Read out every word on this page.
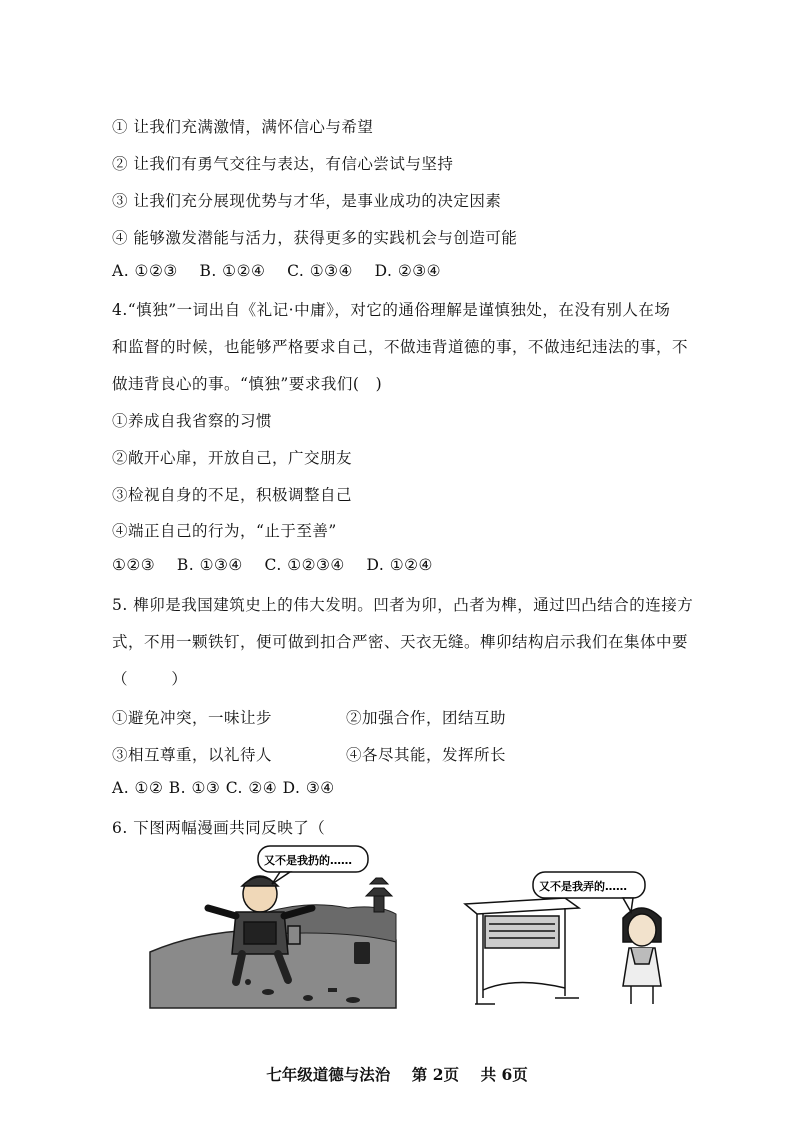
① 让我们充满激情，满怀信心与希望
② 让我们有勇气交往与表达，有信心尝试与坚持
③ 让我们充分展现优势与才华，是事业成功的决定因素
④ 能够激发潜能与活力，获得更多的实践机会与创造可能
A. ①②③    B. ①②④    C. ①③④    D. ②③④
4.“慎独”一词出自《礼记·中庸》，对它的通俗理解是谨慎独处，在没有别人在场
和监督的时候，也能够严格要求自己，不做违背道德的事，不做违纪违法的事，不
做违背良心的事。“慎独”要求我们(   )
①养成自我省察的习惯
②敞开心扉，开放自己，广交朋友
③检视自身的不足，积极调整自己
④端正自己的行为，“止于至善”
①②③    B. ①③④    C. ①②③④    D. ①②④
5. 榫卯是我国建筑史上的伟大发明。凹者为卯，凸者为榫，通过凹凸结合的连接方
式，不用一颗铁钉，便可做到扣合严密、天衣无缝。榫卯结构启示我们在集体中要
（        ）
①避免冲突，一味让步	②加强合作，团结互助
③相互尊重，以礼待人	④各尽其能，发挥所长
A. ①② B. ①③ C. ②④ D. ③④
6. 下图两幅漫画共同反映了（
又不是我扔的……
又不是我弄的……
七年级道德与法治    第 2页    共 6页
